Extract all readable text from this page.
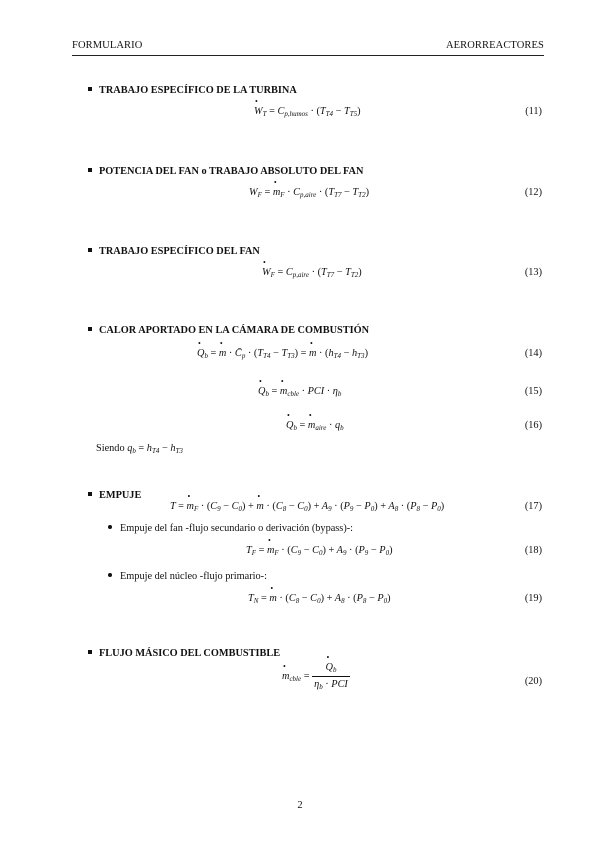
FORMULARIO	AERORREACTORES
TRABAJO ESPECÍFICO DE LA TURBINA
• $W_T = C_{p,humos} \cdot (T_{T4} - T_{T5})$	(11)
POTENCIA DEL FAN o TRABAJO ABSOLUTO DEL FAN
$W_F$ = • $m_F \cdot C_{p,aire} \cdot (T_{T7} - T_{T2})$	(12)
TRABAJO ESPECÍFICO DEL FAN
• $W_F = C_{p,aire} \cdot (T_{T7} - T_{T2})$	(13)
CALOR APORTADO EN LA CÁMARA DE COMBUSTIÓN
• $Q_b$ = • $m \cdot C̄_p \cdot (T_{T4} - T_{T3})$ = • $m \cdot (h_{T4} - h_{T3})$	(14)
• $Q_b$ = • $m_{cble}$ · PCI · $\eta_b$	(15)
• $Q_b$ = • $m_{aire} \cdot q_b$	(16)
Siendo $q_b = h_{T4} - h_{T3}$
EMPUJE
T = • $m_F \cdot (C_9 - C_0)$ + • $m \cdot (C_8 - C_0) + A_9 \cdot (P_9 - P_0) + A_8 \cdot (P_8 - P_0)$	(17)
Empuje del fan -flujo secundario o derivación (bypass)-:
$T_F$ = • $m_F \cdot (C_9 - C_0) + A_9 \cdot (P_9 - P_0)$	(18)
Empuje del núcleo -flujo primario-:
$T_N$ = • $m \cdot (C_8 - C_0) + A_8 \cdot (P_8 - P_0)$	(19)
FLUJO MÁSICO DEL COMBUSTIBLE
• $m_{cble}$ = • $\frac{Q_b}{\eta_b \cdot PCI}$	(20)
2
